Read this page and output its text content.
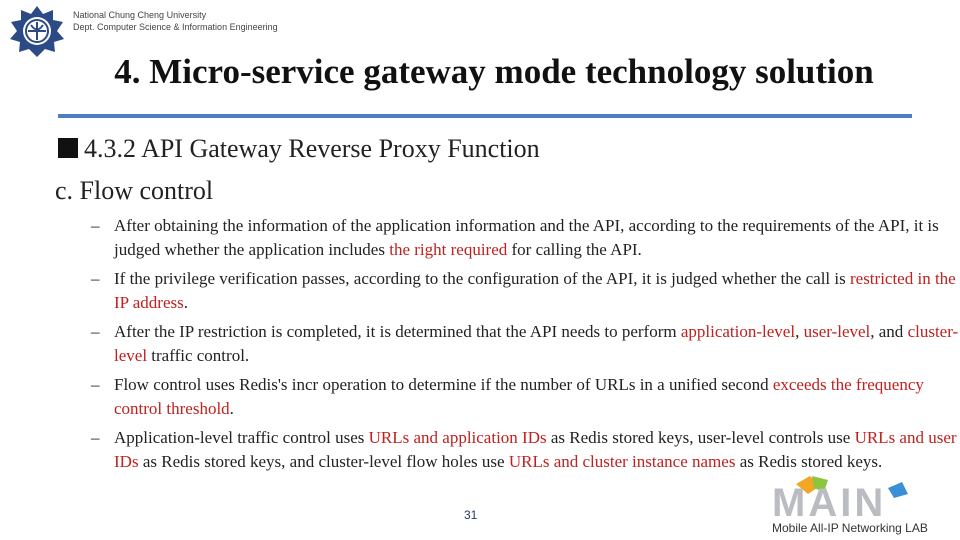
National Chung Cheng University
Dept. Computer Science & Information Engineering
4. Micro-service gateway mode technology solution
4.3.2 API Gateway Reverse Proxy Function
c. Flow control
– After obtaining the information of the application information and the API, according to the requirements of the API, it is judged whether the application includes the right required for calling the API.
– If the privilege verification passes, according to the configuration of the API, it is judged whether the call is restricted in the IP address.
– After the IP restriction is completed, it is determined that the API needs to perform application-level, user-level, and cluster-level traffic control.
– Flow control uses Redis's incr operation to determine if the number of URLs in a unified second exceeds the frequency control threshold.
– Application-level traffic control uses URLs and application IDs as Redis stored keys, user-level controls use URLs and user IDs as Redis stored keys, and cluster-level flow holes use URLs and cluster instance names as Redis stored keys.
31	MAIN
Mobile All-IP Networking LAB
